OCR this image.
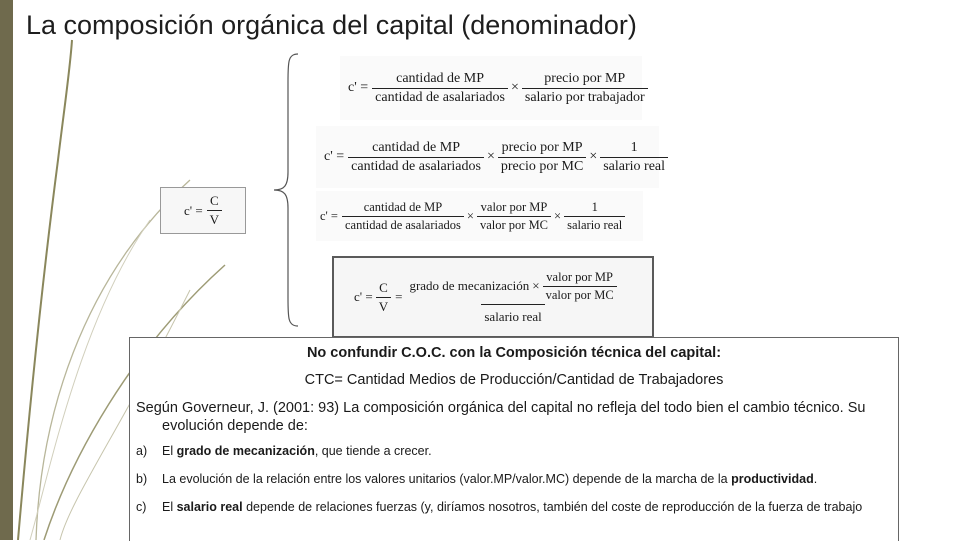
La composición orgánica del capital (denominador)
$c' = \frac{C}{V}$
$c' = \frac{\text{cantidad de MP}}{\text{cantidad de asalariados}} \times \frac{\text{precio por MP}}{\text{salario por trabajador}}$
$c' = \frac{\text{cantidad de MP}}{\text{cantidad de asalariados}} \times \frac{\text{precio por MP}}{\text{precio por MC}} \times \frac{1}{\text{salario real}}$
$c' = \frac{\text{cantidad de MP}}{\text{cantidad de asalariados}} \times \frac{\text{valor por MP}}{\text{valor por MC}} \times \frac{1}{\text{salario real}}$
$c' = \frac{C}{V}$ =
grado de mecanización × $\frac{\text{valor por MP}}{\text{valor por MC}}$
salario real
No confundir C.O.C. con la Composición técnica del capital:
CTC= Cantidad Medios de Producción/Cantidad de Trabajadores
Según Governeur, J. (2001: 93) La composición orgánica del capital no refleja del todo bien el cambio técnico. Su evolución depende de:
a)	El grado de mecanización, que tiende a crecer.
b)	La evolución de la relación entre los valores unitarios (valor.MP/valor.MC) depende de la marcha de la productividad.
c)	El salario real depende de relaciones fuerzas (y, diríamos nosotros, también del coste de reproducción de la fuerza de trabajo
